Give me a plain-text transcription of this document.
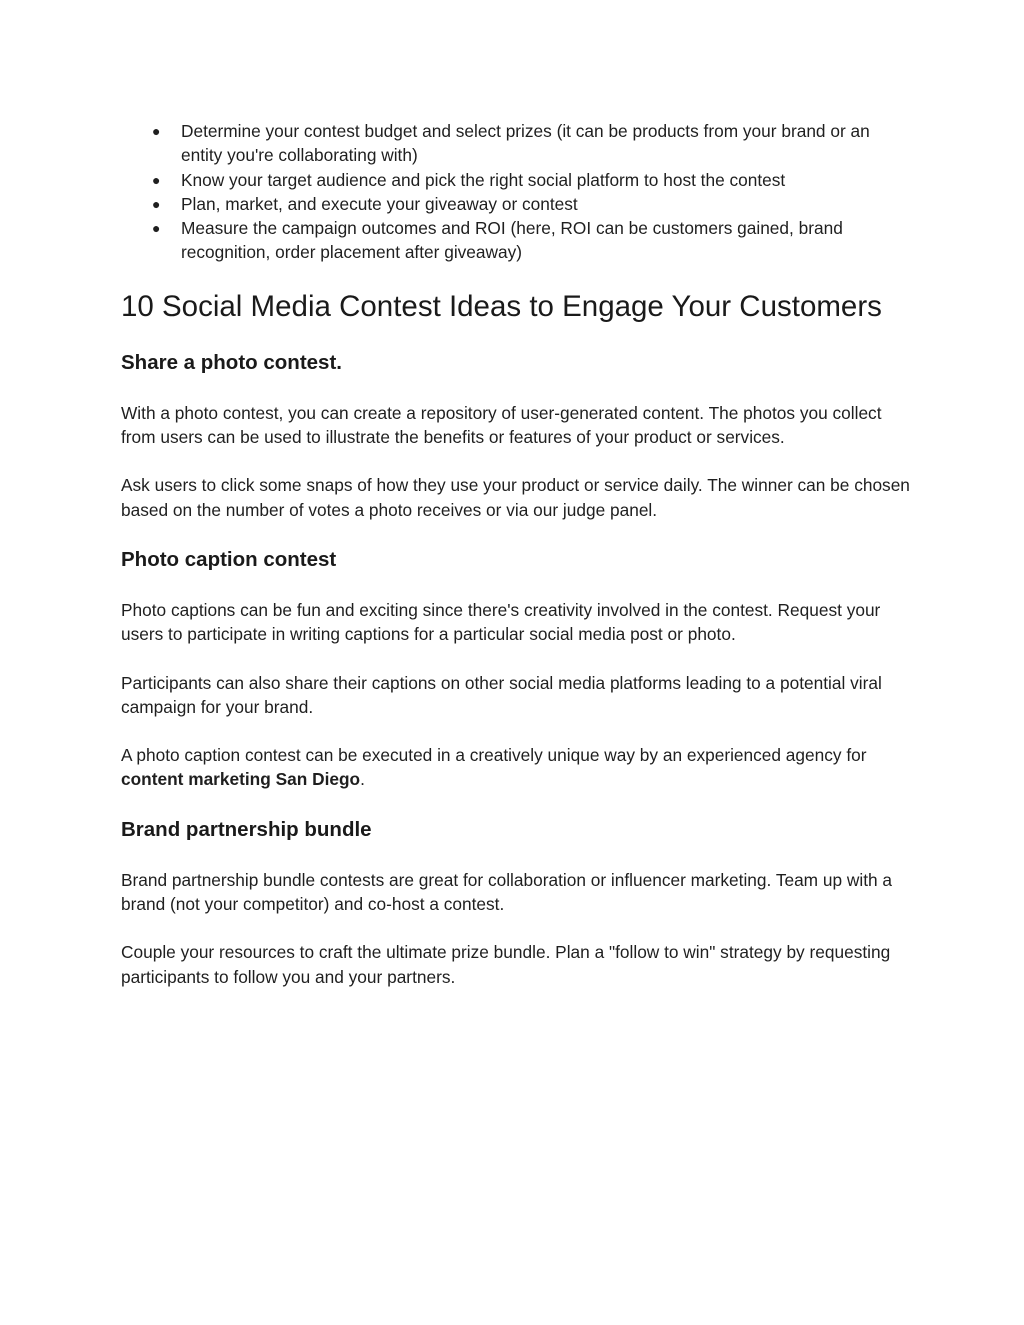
● Determine your contest budget and select prizes (it can be products from your brand or an entity you're collaborating with)
● Know your target audience and pick the right social platform to host the contest
● Plan, market, and execute your giveaway or contest
● Measure the campaign outcomes and ROI (here, ROI can be customers gained, brand recognition, order placement after giveaway)
10 Social Media Contest Ideas to Engage Your Customers
Share a photo contest.

With a photo contest, you can create a repository of user-generated content. The photos you collect from users can be used to illustrate the benefits or features of your product or services.

Ask users to click some snaps of how they use your product or service daily. The winner can be chosen based on the number of votes a photo receives or via our judge panel.

Photo caption contest

Photo captions can be fun and exciting since there's creativity involved in the contest. Request your users to participate in writing captions for a particular social media post or photo.

Participants can also share their captions on other social media platforms leading to a potential viral campaign for your brand.

A photo caption contest can be executed in a creatively unique way by an experienced agency for content marketing San Diego.

Brand partnership bundle

Brand partnership bundle contests are great for collaboration or influencer marketing. Team up with a brand (not your competitor) and co-host a contest.

Couple your resources to craft the ultimate prize bundle. Plan a "follow to win" strategy by requesting participants to follow you and your partners.
